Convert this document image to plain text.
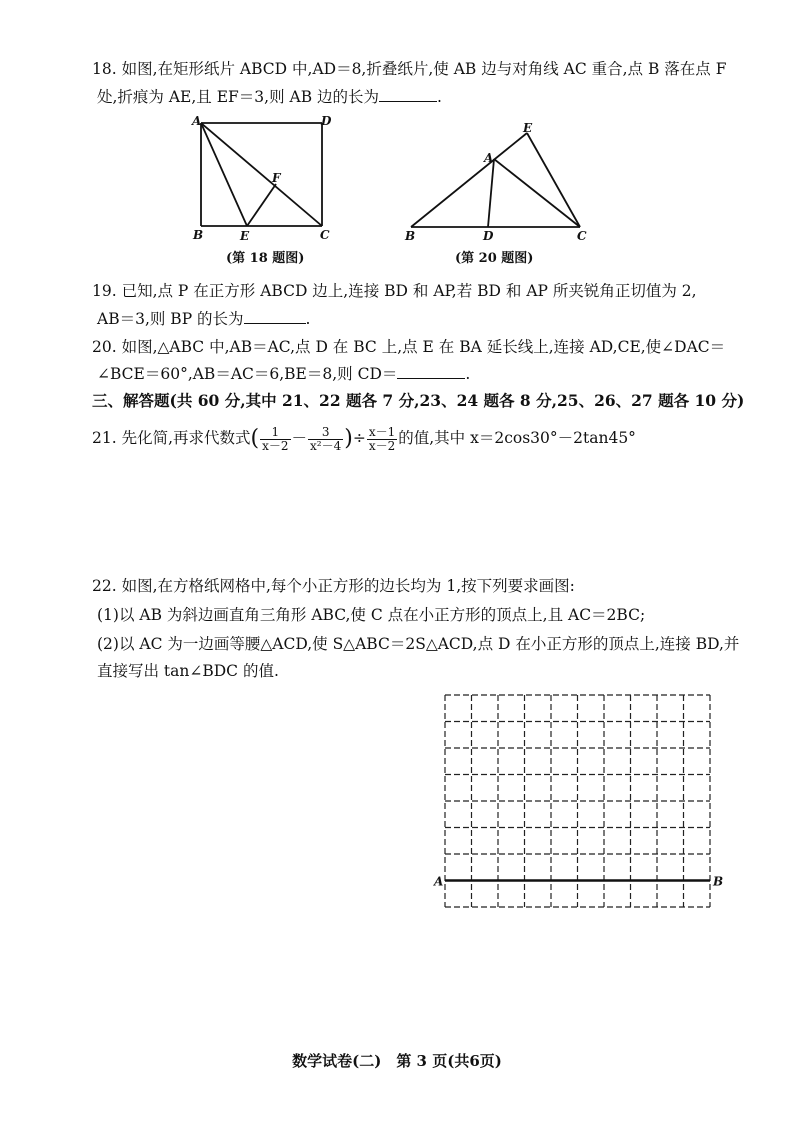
18. 如图,在矩形纸片 ABCD 中,AD＝8,折叠纸片,使 AB 边与对角线 AC 重合,点 B 落在点 F
处,折痕为 AE,且 EF＝3,则 AB 边的长为	.
A	D
F
B	E	C
(第 18 题图)
E
A
B	D	C
(第 20 题图)
19. 已知,点 P 在正方形 ABCD 边上,连接 BD 和 AP,若 BD 和 AP 所夹锐角正切值为 2,
AB＝3,则 BP 的长为	.
20. 如图,△ABC 中,AB＝AC,点 D 在 BC 上,点 E 在 BA 延长线上,连接 AD,CE,使∠DAC＝
∠BCE＝60°,AB＝AC＝6,BE＝8,则 CD＝	.
三、解答题(共 60 分,其中 21、22 题各 7 分,23、24 题各 8 分,25、26、27 题各 10 分)
21. 先化简,再求代数式( $\frac{1}{x-2} - \frac{3}{\text{x²－4}}$ )÷ $\frac{x-1}{x-2}$ 的值,其中 x＝2cos30°－2tan45°
22. 如图,在方格纸网格中,每个小正方形的边长均为 1,按下列要求画图:
(1)以 AB 为斜边画直角三角形 ABC,使 C 点在小正方形的顶点上,且 AC＝2BC;
(2)以 AC 为一边画等腰△ACD,使 S△ABC＝2S△ACD,点 D 在小正方形的顶点上,连接 BD,并
直接写出 tan∠BDC 的值.
A	B
数学试卷(二)　第 3 页(共6页)
